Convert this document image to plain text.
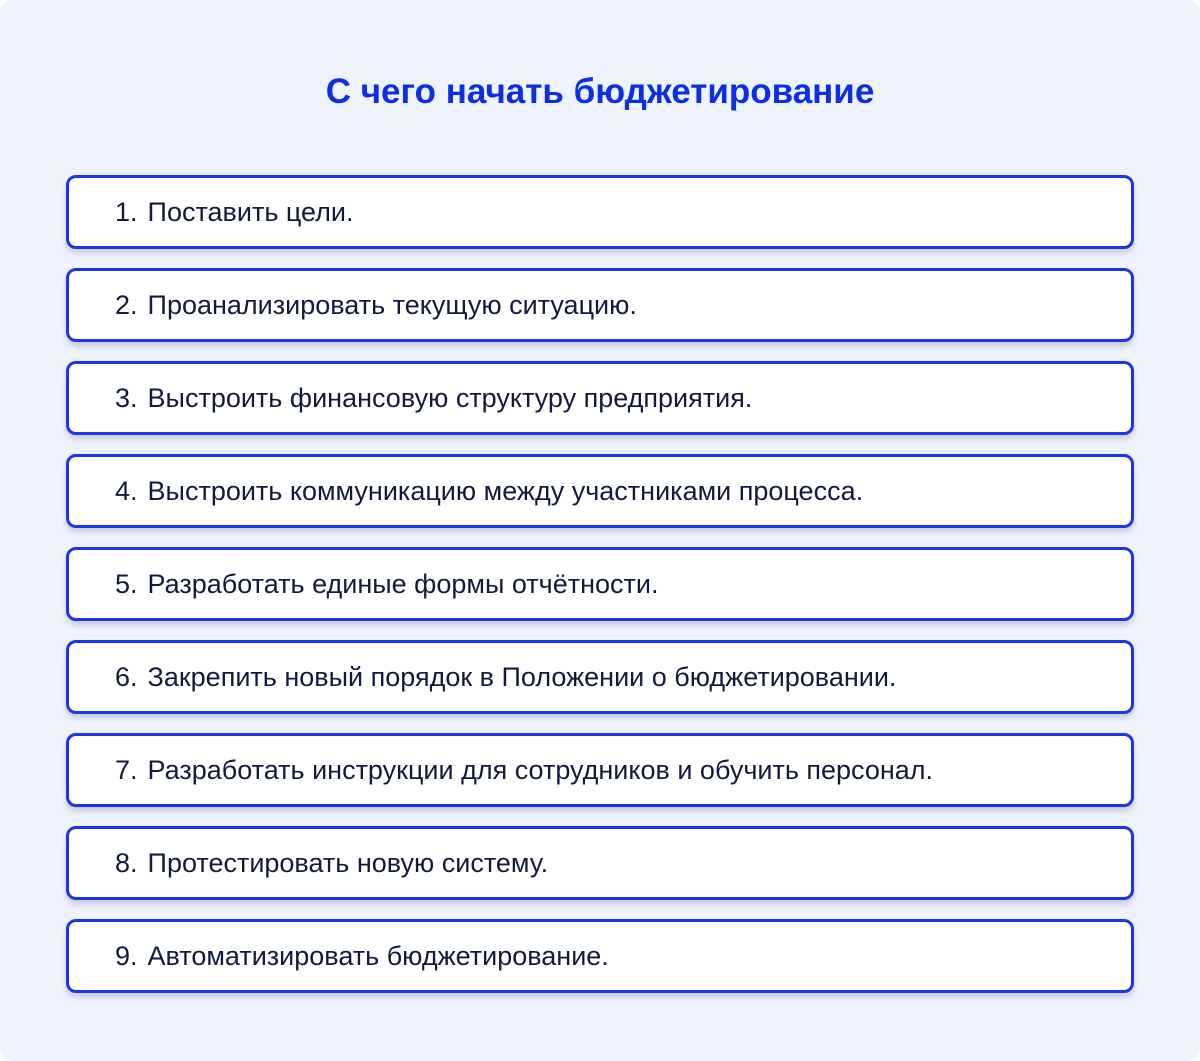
С чего начать бюджетирование
1. Поставить цели.
2. Проанализировать текущую ситуацию.
3. Выстроить финансовую структуру предприятия.
4. Выстроить коммуникацию между участниками процесса.
5. Разработать единые формы отчётности.
6. Закрепить новый порядок в Положении о бюджетировании.
7. Разработать инструкции для сотрудников и обучить персонал.
8. Протестировать новую систему.
9. Автоматизировать бюджетирование.
